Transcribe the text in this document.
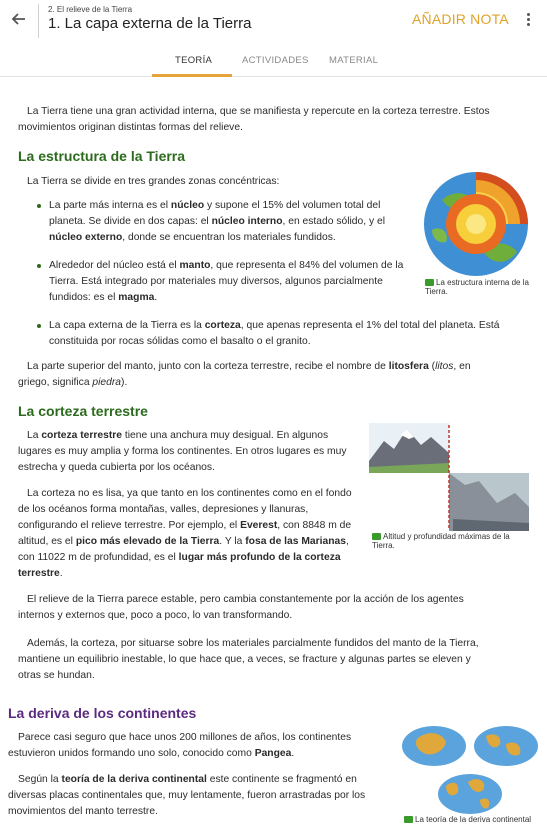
2. El relieve de la Tierra
1. La capa externa de la Tierra	AÑADIR NOTA
TEORÍA	ACTIVIDADES MATERIAL

La Tierra tiene una gran actividad interna, que se manifiesta y repercute en la corteza terrestre. Estos

movimientos originan distintas formas del relieve.

La estructura de la Tierra

La Tierra se divide en tres grandes zonas concéntricas:

La estructura interna de la Tierra.
La parte más interna es el núcleo y supone el 15% del volumen total del planeta. Se divide en dos capas: el núcleo interno, en estado sólido, y el núcleo externo, donde se encuentran los materiales fundidos.
Alrededor del núcleo está el manto, que representa el 84% del volumen de la Tierra. Está integrado por materiales muy diversos, algunos parcialmente fundidos: es el magma.
La capa externa de la Tierra es la corteza, que apenas representa el 1% del total del planeta. Está constituida por rocas sólidas como el basalto o el granito.

La parte superior del manto, junto con la corteza terrestre, recibe el nombre de litosfera (litos, en

griego, significa piedra).

La corteza terrestre

La corteza terrestre tiene una anchura muy desigual. En algunos lugares es muy amplia y forma los continentes. En otros lugares es muy estrecha y queda cubierta por los océanos.

La corteza no es lisa, ya que tanto en los continentes como en el fondo de los océanos forma montañas, valles, depresiones y llanuras, configurando el relieve terrestre. Por ejemplo, el Everest, con 8848 m de altitud, es el pico más elevado de la Tierra. Y la fosa de las Marianas, con 11022 m de profundidad, es el lugar más profundo de la corteza terrestre.

Altitud y profundidad máximas de la Tierra.

El relieve de la Tierra parece estable, pero cambia constantemente por la acción de los agentes

internos y externos que, poco a poco, lo van transformando.

Además, la corteza, por situarse sobre los materiales parcialmente fundidos del manto de la Tierra,

mantiene un equilibrio inestable, lo que hace que, a veces, se fracture y algunas partes se eleven y

otras se hundan.

La deriva de los continentes

Parece casi seguro que hace unos 200 millones de años, los continentes estuvieron unidos formando uno solo, conocido como Pangea.

Según la teoría de la deriva continental este continente se fragmentó en diversas placas continentales que, muy lentamente, fueron arrastradas por los movimientos del manto terrestre.

La teoría de la deriva continental
